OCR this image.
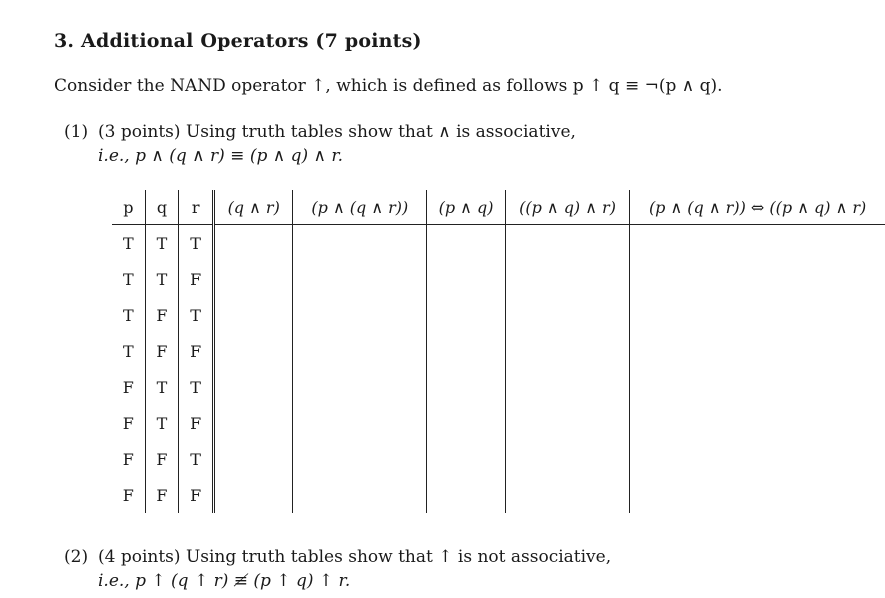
3. Additional Operators (7 points)
Consider the NAND operator ↑, which is defined as follows p ↑ q ≡ ¬(p ∧ q).
(1) (3 points) Using truth tables show that ∧ is associative,
i.e., p ∧ (q ∧ r) ≡ (p ∧ q) ∧ r.
p	q	r	(q ∧ r)	(p ∧ (q ∧ r))	(p ∧ q)	((p ∧ q) ∧ r)	(p ∧ (q ∧ r)) ⇔ ((p ∧ q) ∧ r)
T	T	T					
T	T	F					
T	F	T					
T	F	F					
F	T	T					
F	T	F					
F	F	T					
F	F	F					
(2) (4 points) Using truth tables show that ↑ is not associative,
i.e., p ↑ (q ↑ r) ≢ (p ↑ q) ↑ r.
